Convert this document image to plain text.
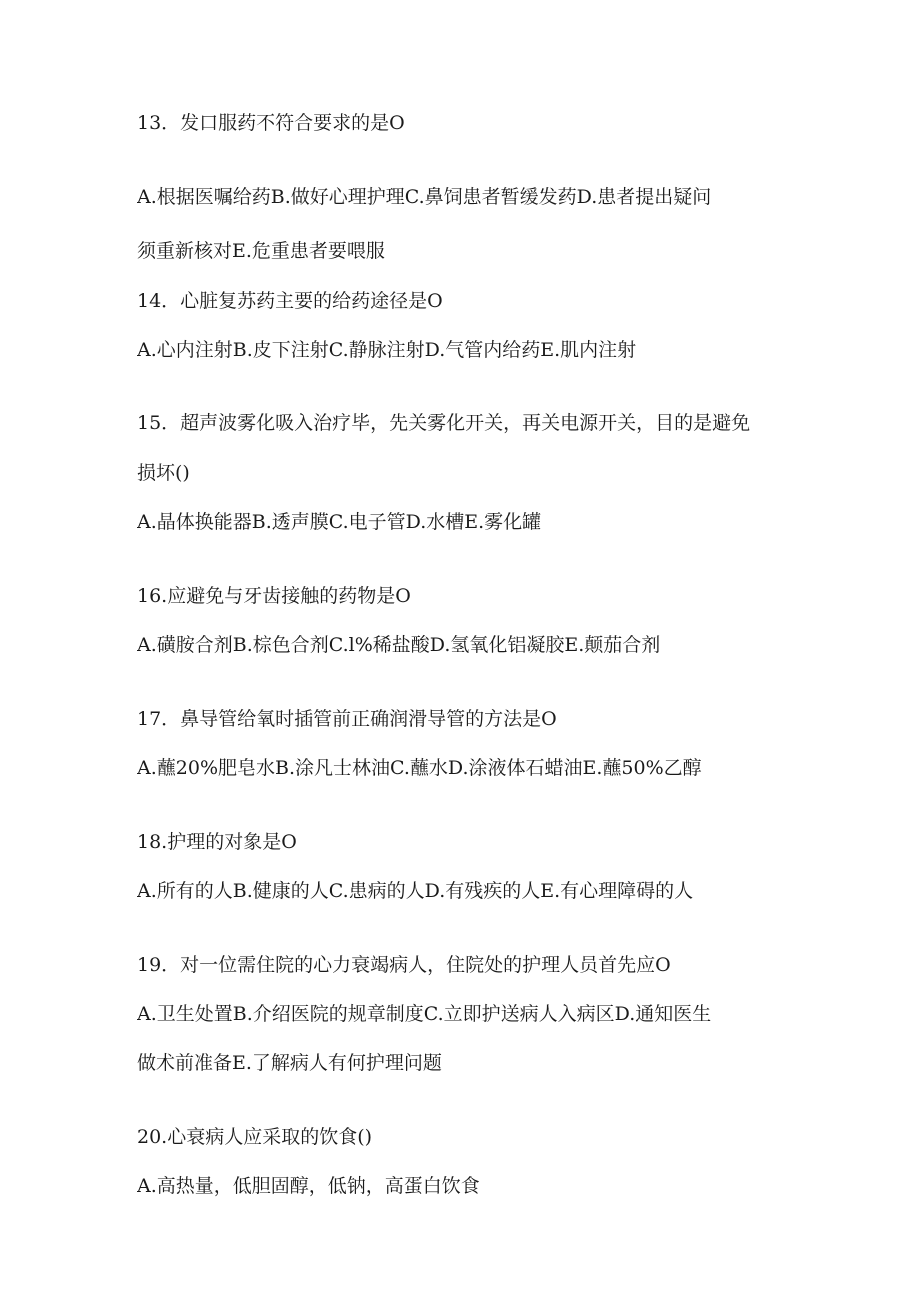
13．发口服药不符合要求的是O
A.根据医嘱给药B.做好心理护理C.鼻饲患者暂缓发药D.患者提出疑问
须重新核对E.危重患者要喂服
14．心脏复苏药主要的给药途径是O
A.心内注射B.皮下注射C.静脉注射D.气管内给药E.肌内注射
15．超声波雾化吸入治疗毕，先关雾化开关，再关电源开关，目的是避免
损坏()
A.晶体换能器B.透声膜C.电子管D.水槽E.雾化罐
16.应避免与牙齿接触的药物是O
A.磺胺合剂B.棕色合剂C.l%稀盐酸D.氢氧化铝凝胶E.颠茄合剂
17．鼻导管给氧时插管前正确润滑导管的方法是O
A.蘸20%肥皂水B.涂凡士林油C.蘸水D.涂液体石蜡油E.蘸50%乙醇
18.护理的对象是O
A.所有的人B.健康的人C.患病的人D.有残疾的人E.有心理障碍的人
19．对一位需住院的心力衰竭病人，住院处的护理人员首先应O
A.卫生处置B.介绍医院的规章制度C.立即护送病人入病区D.通知医生
做术前准备E.了解病人有何护理问题
20.心衰病人应采取的饮食()
A.高热量，低胆固醇，低钠，高蛋白饮食
